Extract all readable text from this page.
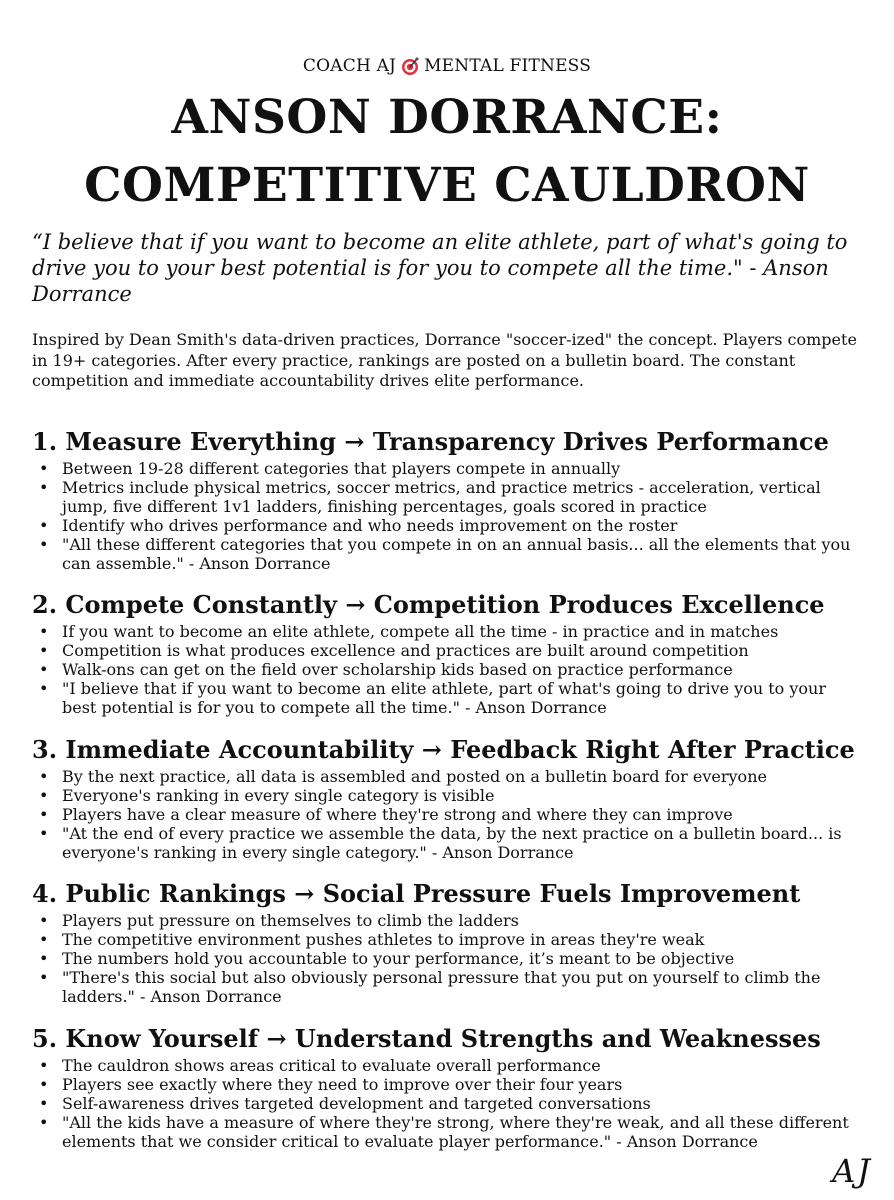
COACH AJ MENTAL FITNESS
ANSON DORRANCE:
COMPETITIVE CAULDRON
“I believe that if you want to become an elite athlete, part of what's going to drive you to your best potential is for you to compete all the time." - Anson Dorrance
Inspired by Dean Smith's data-driven practices, Dorrance "soccer-ized" the concept. Players compete in 19+ categories. After every practice, rankings are posted on a bulletin board. The constant competition and immediate accountability drives elite performance.
1. Measure Everything → Transparency Drives Performance
• Between 19-28 different categories that players compete in annually
• Metrics include physical metrics, soccer metrics, and practice metrics - acceleration, vertical jump, five different 1v1 ladders, finishing percentages, goals scored in practice
• Identify who drives performance and who needs improvement on the roster
• "All these different categories that you compete in on an annual basis... all the elements that you can assemble." - Anson Dorrance
2. Compete Constantly → Competition Produces Excellence
• If you want to become an elite athlete, compete all the time - in practice and in matches
• Competition is what produces excellence and practices are built around competition
• Walk-ons can get on the field over scholarship kids based on practice performance
• "I believe that if you want to become an elite athlete, part of what's going to drive you to your best potential is for you to compete all the time." - Anson Dorrance
3. Immediate Accountability → Feedback Right After Practice
• By the next practice, all data is assembled and posted on a bulletin board for everyone
• Everyone's ranking in every single category is visible
• Players have a clear measure of where they're strong and where they can improve
• "At the end of every practice we assemble the data, by the next practice on a bulletin board... is everyone's ranking in every single category." - Anson Dorrance
4. Public Rankings → Social Pressure Fuels Improvement
• Players put pressure on themselves to climb the ladders
• The competitive environment pushes athletes to improve in areas they're weak
• The numbers hold you accountable to your performance, it’s meant to be objective
• "There's this social but also obviously personal pressure that you put on yourself to climb the ladders." - Anson Dorrance
5. Know Yourself → Understand Strengths and Weaknesses
• The cauldron shows areas critical to evaluate overall performance
• Players see exactly where they need to improve over their four years
• Self-awareness drives targeted development and targeted conversations
• "All the kids have a measure of where they're strong, where they're weak, and all these different elements that we consider critical to evaluate player performance." - Anson Dorrance
AJ
